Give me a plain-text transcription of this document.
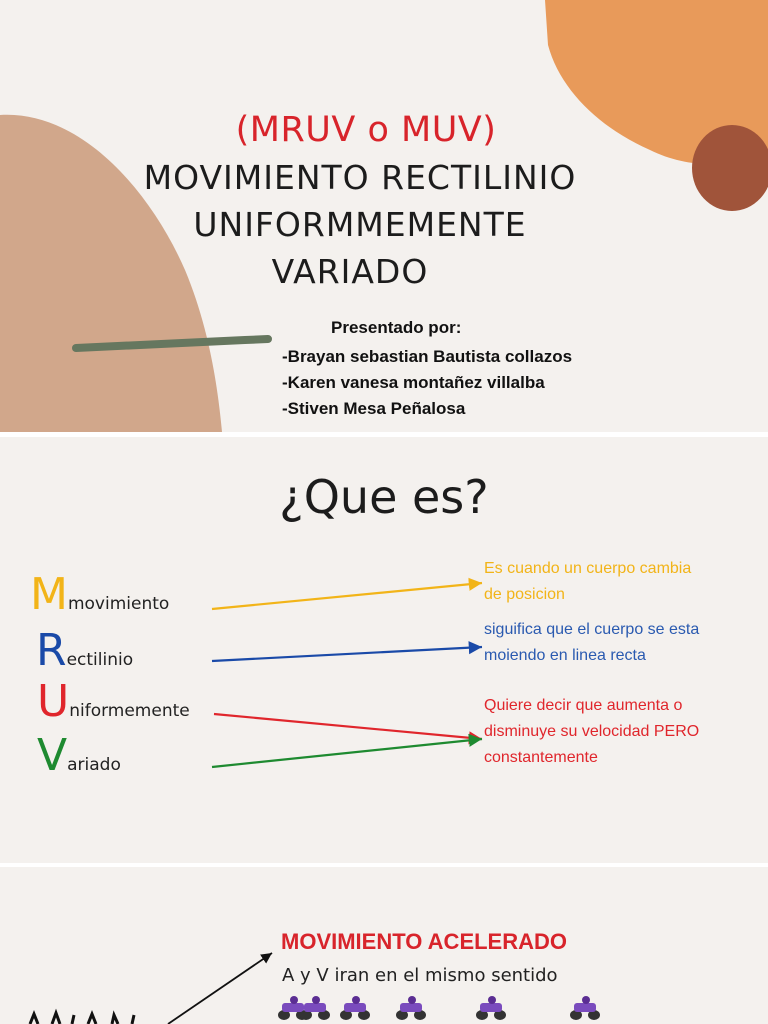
(MRUV o MUV)
MOVIMIENTO RECTILINIO
UNIFORMMEMENTE
VARIADO
Presentado por:
-Brayan sebastian Bautista collazos
-Karen vanesa montañez villalba
-Stiven Mesa Peñalosa
¿Que es?
Mmovimiento
Rectilinio
Uniformemente
Variado
Es cuando un cuerpo cambia
de posicion
siguifica que el cuerpo se esta
moiendo en linea recta
Quiere decir que aumenta o
disminuye su velocidad PERO
constantemente
MOVIMIENTO ACELERADO
A y V iran en el mismo sentido
